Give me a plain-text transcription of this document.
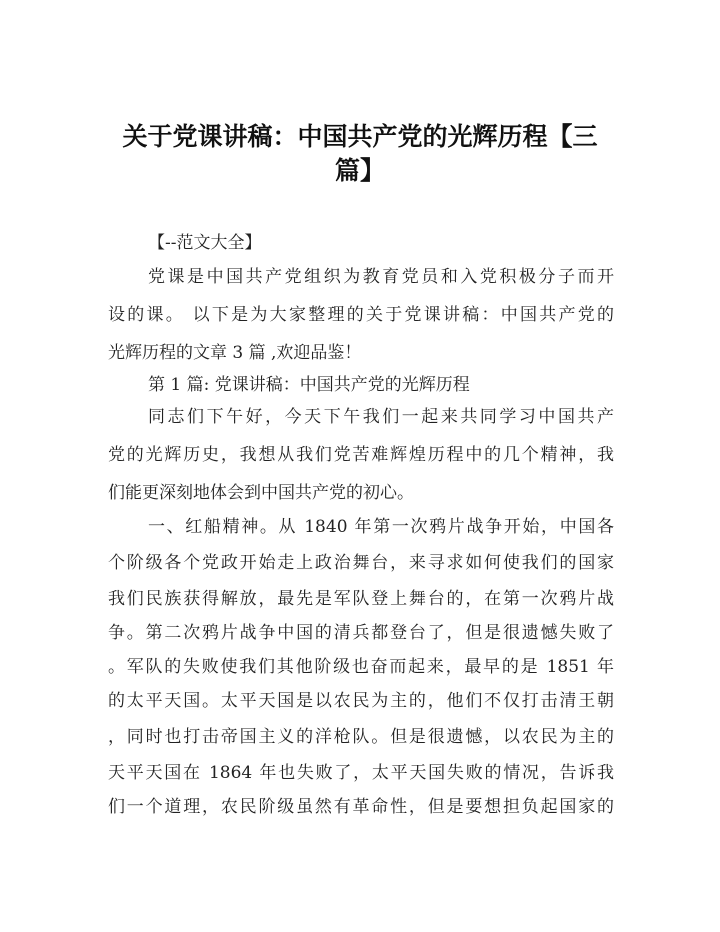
关于党课讲稿：中国共产党的光辉历程【三
篇】
【--范文大全】
党课是中国共产党组织为教育党员和入党积极分子而开
设的课。 以下是为大家整理的关于党课讲稿：中国共产党的
光辉历程的文章 3 篇 ,欢迎品鉴！
第 1 篇: 党课讲稿：中国共产党的光辉历程
同志们下午好，今天下午我们一起来共同学习中国共产
党的光辉历史，我想从我们党苦难辉煌历程中的几个精神，我
们能更深刻地体会到中国共产党的初心。
一、红船精神。从 1840 年第一次鸦片战争开始，中国各
个阶级各个党政开始走上政治舞台，来寻求如何使我们的国家
我们民族获得解放，最先是军队登上舞台的，在第一次鸦片战
争。第二次鸦片战争中国的清兵都登台了，但是很遗憾失败了
。军队的失败使我们其他阶级也奋而起来，最早的是 1851 年
的太平天国。太平天国是以农民为主的，他们不仅打击清王朝
，同时也打击帝国主义的洋枪队。但是很遗憾，以农民为主的
天平天国在 1864 年也失败了，太平天国失败的情况，告诉我
们一个道理，农民阶级虽然有革命性，但是要想担负起国家的
